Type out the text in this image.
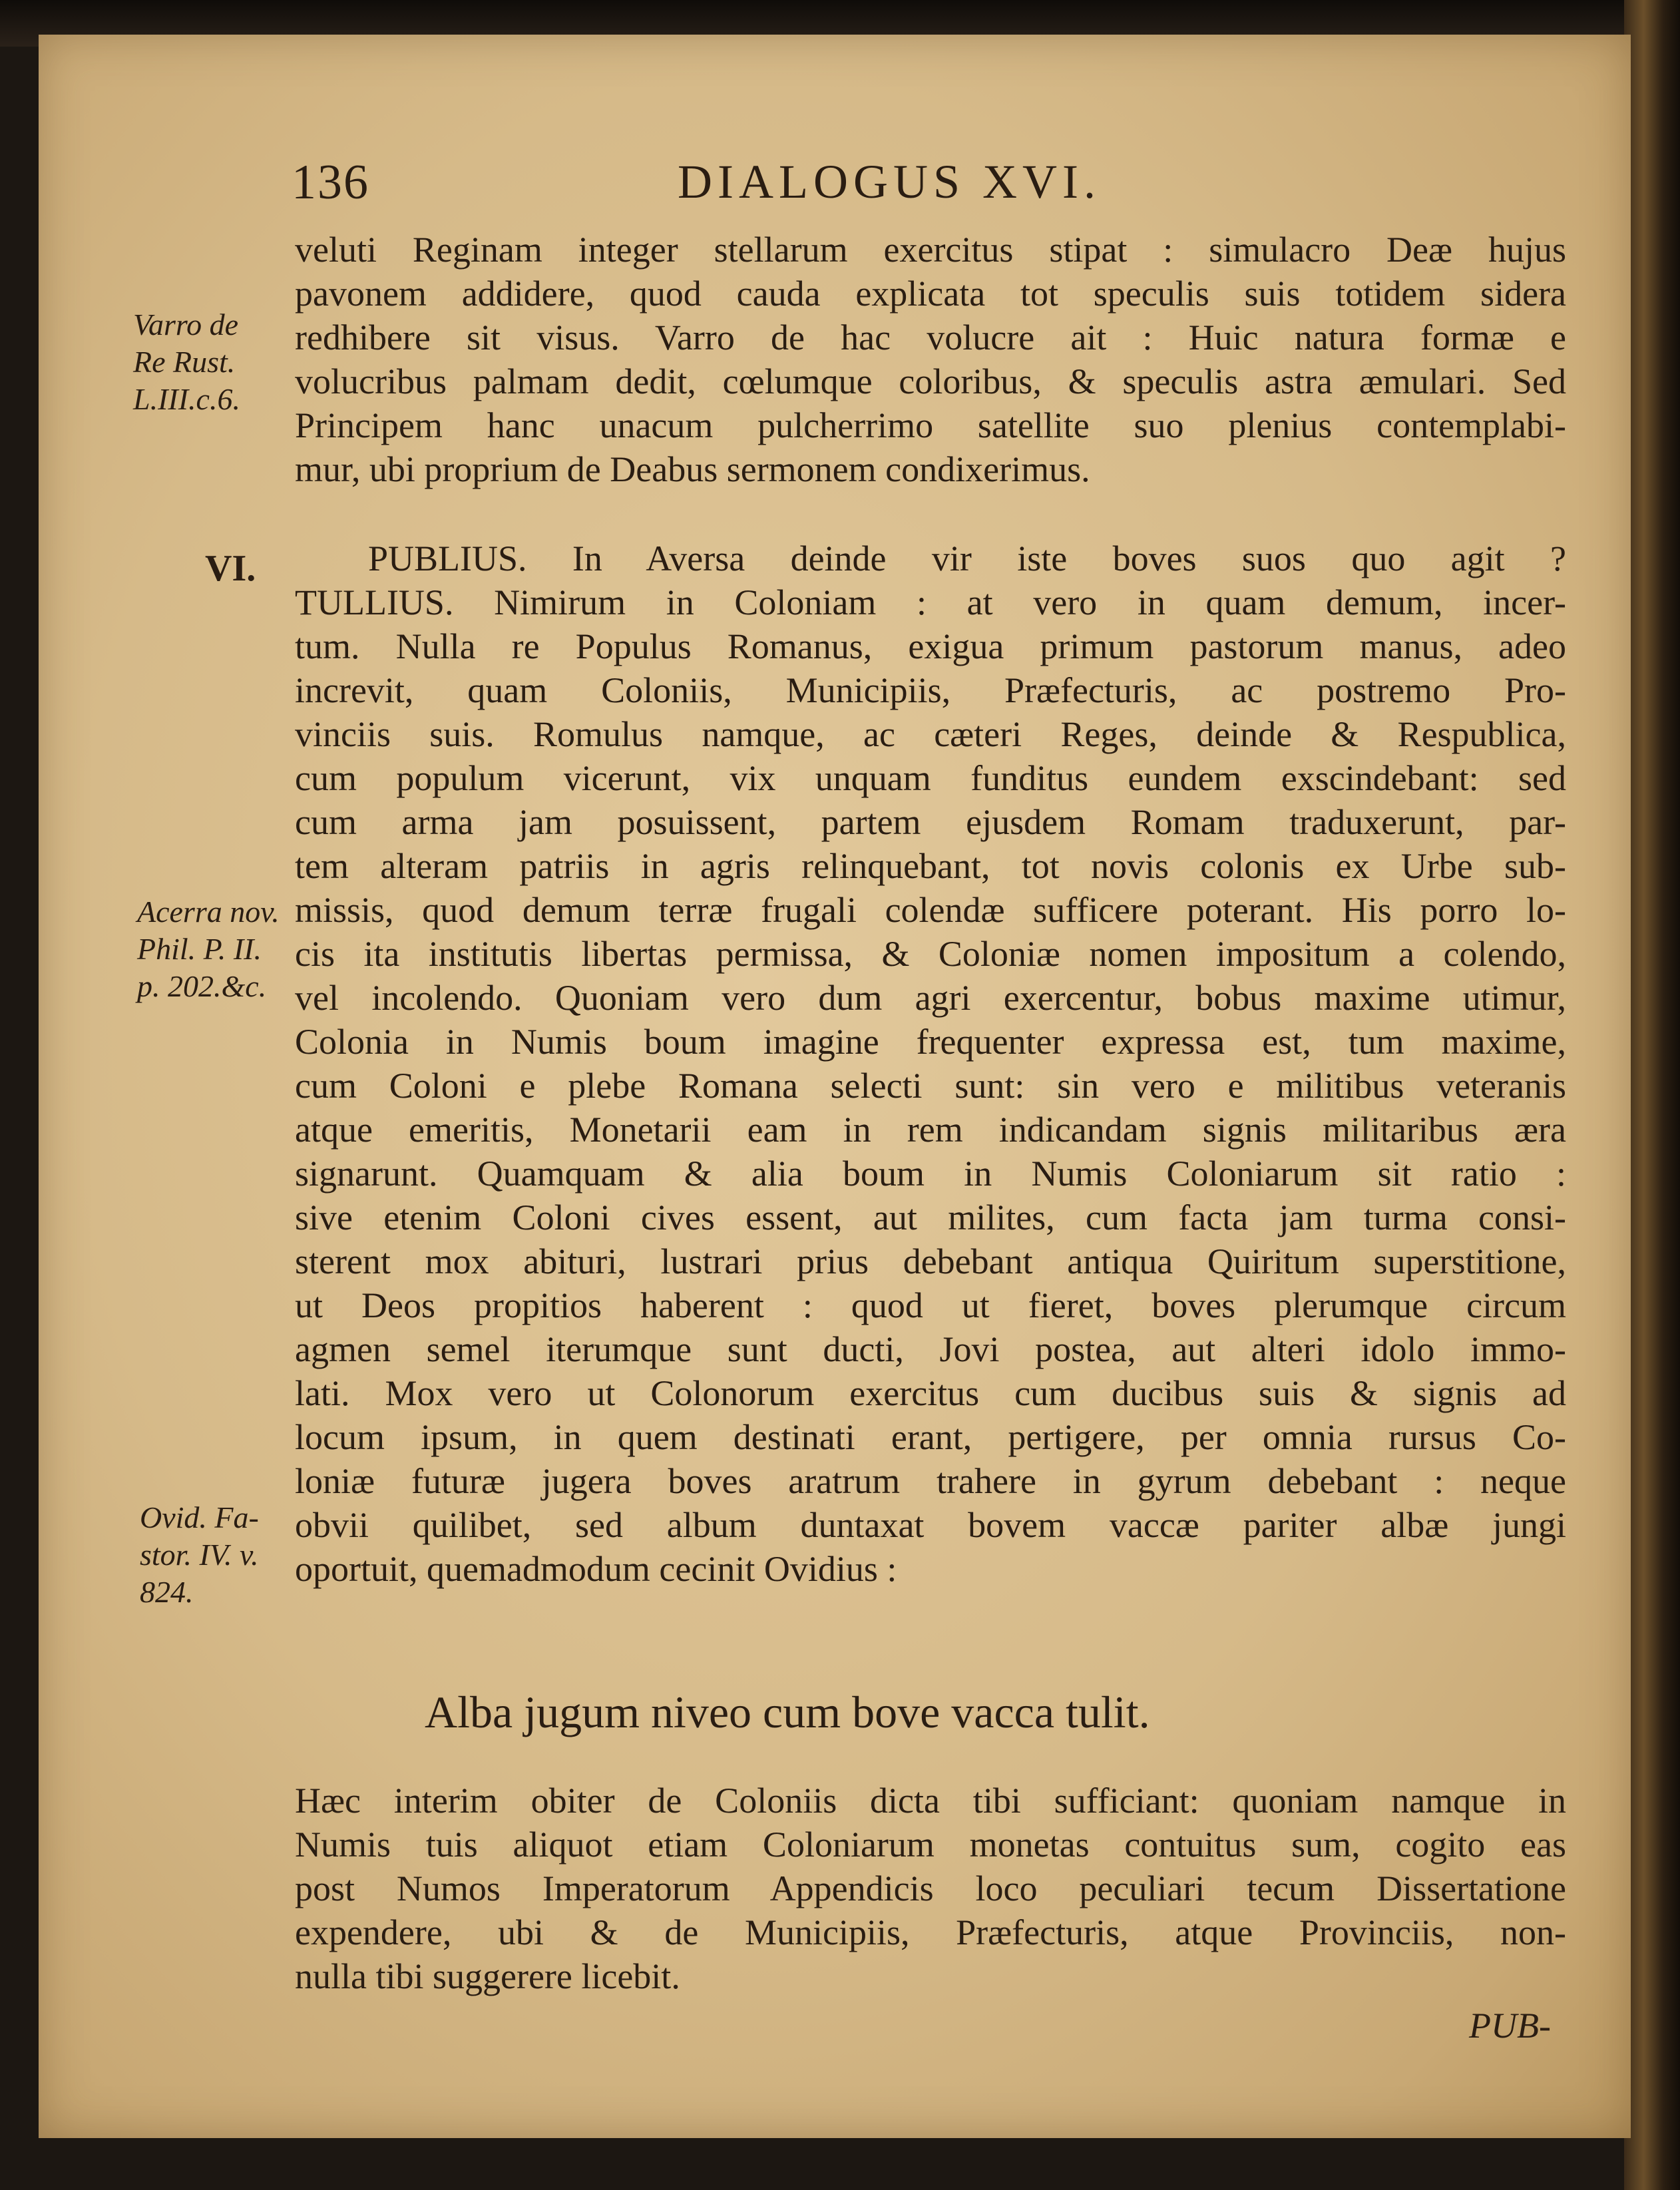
136	DIALOGUS XVI.
Varro de
Re Rust.
L.III.c.6.
VI.
Acerra nov.
Phil. P. II.
p. 202.&c.
Ovid. Fa-
stor. IV. v.
824.
veluti Reginam integer stellarum exercitus stipat : simulacro Deæ hujus
pavonem addidere, quod cauda explicata tot speculis suis totidem sidera
redhibere sit visus. Varro de hac volucre ait : Huic natura formæ e
volucribus palmam dedit, cœlumque coloribus, & speculis astra æmulari. Sed
Principem hanc unacum pulcherrimo satellite suo plenius contemplabi-
mur, ubi proprium de Deabus sermonem condixerimus.
PUBLIUS. In Aversa deinde vir iste boves suos quo agit ?
TULLIUS. Nimirum in Coloniam : at vero in quam demum, incer-
tum. Nulla re Populus Romanus, exigua primum pastorum manus, adeo
increvit, quam Coloniis, Municipiis, Præfecturis, ac postremo Pro-
vinciis suis. Romulus namque, ac cæteri Reges, deinde & Respublica,
cum populum vicerunt, vix unquam funditus eundem exscindebant: sed
cum arma jam posuissent, partem ejusdem Romam traduxerunt, par-
tem alteram patriis in agris relinquebant, tot novis colonis ex Urbe sub-
missis, quod demum terræ frugali colendæ sufficere poterant. His porro lo-
cis ita institutis libertas permissa, & Coloniæ nomen impositum a colendo,
vel incolendo. Quoniam vero dum agri exercentur, bobus maxime utimur,
Colonia in Numis boum imagine frequenter expressa est, tum maxime,
cum Coloni e plebe Romana selecti sunt: sin vero e militibus veteranis
atque emeritis, Monetarii eam in rem indicandam signis militaribus æra
signarunt. Quamquam & alia boum in Numis Coloniarum sit ratio :
sive etenim Coloni cives essent, aut milites, cum facta jam turma consi-
sterent mox abituri, lustrari prius debebant antiqua Quiritum superstitione,
ut Deos propitios haberent : quod ut fieret, boves plerumque circum
agmen semel iterumque sunt ducti, Jovi postea, aut alteri idolo immo-
lati. Mox vero ut Colonorum exercitus cum ducibus suis & signis ad
locum ipsum, in quem destinati erant, pertigere, per omnia rursus Co-
loniæ futuræ jugera boves aratrum trahere in gyrum debebant : neque
obvii quilibet, sed album duntaxat bovem vaccæ pariter albæ jungi
oportuit, quemadmodum cecinit Ovidius :
Alba jugum niveo cum bove vacca tulit.
Hæc interim obiter de Coloniis dicta tibi sufficiant: quoniam namque in
Numis tuis aliquot etiam Coloniarum monetas contuitus sum, cogito eas
post Numos Imperatorum Appendicis loco peculiari tecum Dissertatione
expendere, ubi & de Municipiis, Præfecturis, atque Provinciis, non-
nulla tibi suggerere licebit.
PUB-
